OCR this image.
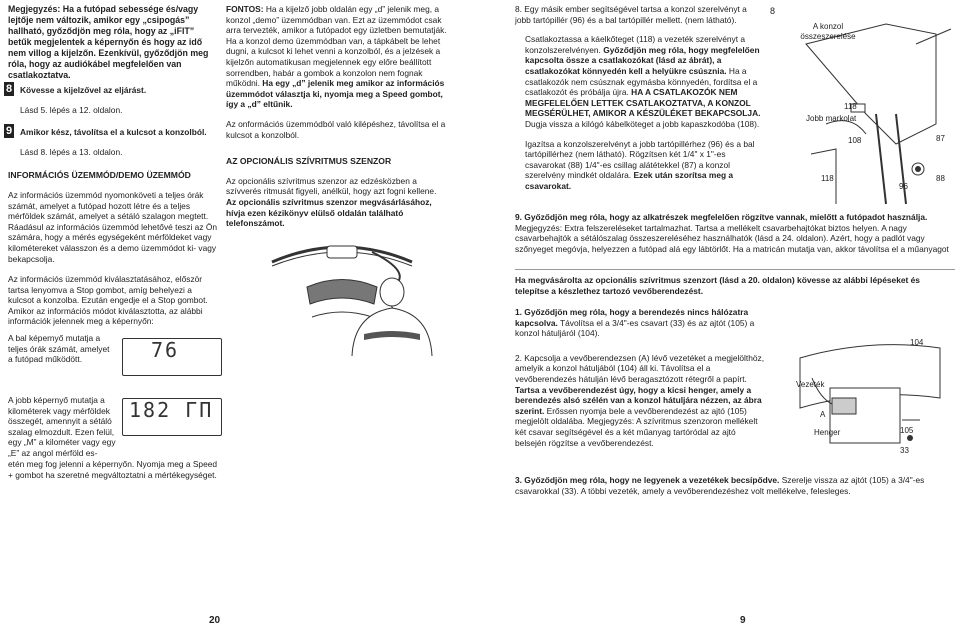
Megjegyzés: Ha a futópad sebessége és/vagy lejtője nem változik, amikor egy „csipogás” hallható, győződjön meg róla, hogy az „iFIT” betűk megjelentek a képernyőn és hogy az idő nem villog a kijelzőn. Ezenkívül, győződjön meg róla, hogy az audiókábel megfelelően van csatlakoztatva.

8 Kövesse a kijelzővel az eljárást.

Lásd 5. lépés a 12. oldalon.

9 Amikor kész, távolítsa el a kulcsot a konzolból.

Lásd 8. lépés a 13. oldalon.

INFORMÁCIÓS ÜZEMMÓD/DEMO ÜZEMMÓD

Az információs üzemmód nyomonköveti a teljes órák számát, amelyet a futópad hozott létre és a teljes mérföldek számát, amelyet a sétáló szalagon megtett. Ráadásul az információs üzemmód lehetővé teszi az Ön számára, hogy a mérés egységeként mérföldeket vagy kilométereket válasszon és a demo üzemmódot ki- vagy bekapcsolja.

Az információs üzemmód kiválasztatásához, először tartsa lenyomva a Stop gombot, amíg behelyezi a kulcsot a konzolba. Ezután engedje el a Stop gombot. Amikor az információs módot kiválasztotta, az alábbi információk jelennek meg a képernyőn:

A bal képernyő mutatja a teljes órák számát, amelyet a futópad működött.	76

A jobb képernyő mutatja a kilométerek vagy mérföldek összegét, amennyit a sétáló szalag elmozdult. Ezen felül, egy „M” a kilométer vagy egy „E” az angol mérföld es-

182 ГП

etén meg fog jelenni a képernyőn. Nyomja meg a Speed + gombot ha szeretné megváltoztatni a mértékegységet.

20

FONTOS: Ha a kijelző jobb oldalán egy „d” jelenik meg, a konzol „demo” üzemmódban van. Ezt az üzemmódot csak arra tervezték, amikor a futópadot egy üzletben bemutatják. Ha a konzol demo üzemmódban van, a tápkábelt be lehet dugni, a kulcsot ki lehet venni a konzolból, és a jelzések a kijelzőn automatikusan megjelennek egy előre beállított sorrendben, habár a gombok a konzolon nem fognak működni. Ha egy „d” jelenik meg amikor az információs üzemmódot választja ki, nyomja meg a Speed gombot, így a „d” eltűnik.

Az onformációs üzemmódból való kilépéshez, távolítsa el a kulcsot a konzolból.

AZ OPCIONÁLIS SZÍVRITMUS SZENZOR

Az opcionális szívritmus szenzor az edzésközben a szívverés ritmusát figyeli, anélkül, hogy azt fogni kellene. Az opcionális szívritmus szenzor megvásárlásához, hívja ezen kézikönyv elülső oldalán található telefonszámot.

8. Egy másik ember segítségével tartsa a konzol szerelvényt a jobb tartópillér (96) és a bal tartópillér mellett. (nem látható).

Csatlakoztassa a káelkőteget (118) a vezeték szerelvényt a konzolszerelvényen. Győződjön meg róla, hogy megfelelően kapcsolta össze a csatlakozókat (lásd az ábrát), a csatlakozókat könnyedén kell a helyükre csúsznia. Ha a csatlakozók nem csúsznak egymásba könnyedén, fordítsa el a csatlakozót és próbálja újra. HA A CSATLAKOZÓK NEM MEGFELELŐEN LETTEK CSATLAKOZTATVA, A KONZOL MEGSÉRÜLHET, AMIKOR A KÉSZÜLÉKET BEKAPCSOLJA. Dugja vissza a kilógó kábelköteget a jobb kapaszkodóba (108).

Igazítsa a konzolszerelvényt a jobb tartópillérhez (96) és a bal tartópillérhez (nem látható). Rögzítsen két 1/4" x 1"-es csavarokat (88) 1/4"-es csillag alátétekkel (87) a konzol szerelvény mindkét oldalára. Ezek után szorítsa meg a csavarokat.

8
A konzol összeszerelése
118
Jobb markolat
108	87
118
96
88

9. Győződjön meg róla, hogy az alkatrészek megfelelően rögzítve vannak, mielőtt a futópadot használja. Megjegyzés: Extra felszereléseket tartalmazhat. Tartsa a mellékelt csavarbehajtókat biztos helyen. A nagy csavarbehajtók a sétálószalag összeszereléséhez használhatók (lásd a 24. oldalon). Azért, hogy a padlót vagy szőnyeget megóvja, helyezzen a futópad alá egy lábtörlőt. Ha a matricán mutatja van, akkor távolítsa el a műanyagot

Ha megvásárolta az opcionális szívritmus szenzort (lásd a 20. oldalon) kövesse az alábbi lépéseket és telepítse a készlethez tartozó vevőberendezést.

1. Győződjön meg róla, hogy a berendezés nincs hálózatra kapcsolva. Távolítsa el a 3/4"-es csavart (33) és az ajtót (105) a konzol hátuljáról (104).

2. Kapcsolja a vevőberendezsen (A) lévő vezetéket a megjelölthöz, amelyik a konzol hátuljából (104) áll ki. Távolítsa el a vevőberendezés hátulján lévő beragasztózott rétegről a papírt. Tartsa a vevőberendezést úgy, hogy a kicsi henger, amely a berendezés alsó szélén van a konzol hátuljára nézzen, az ábra szerint. Erőssen nyomja bele a vevőberendezést az ajtó (105) megjelölt oldalába. Megjegyzés: A szívritmus szenzoron mellékelt két csavar segítségével és a két műanyag tartóródal az ajtó belsején rögzítse a vevőberendezést.

104
Vezeték
A
Henger	105
33

3. Győződjön meg róla, hogy ne legyenek a vezetékek becsípődve. Szerelje vissza az ajtót (105) a 3/4"-es csavarokkal (33). A többi vezeték, amely a vevőberendezéshez volt mellékelve, felesleges.

9
